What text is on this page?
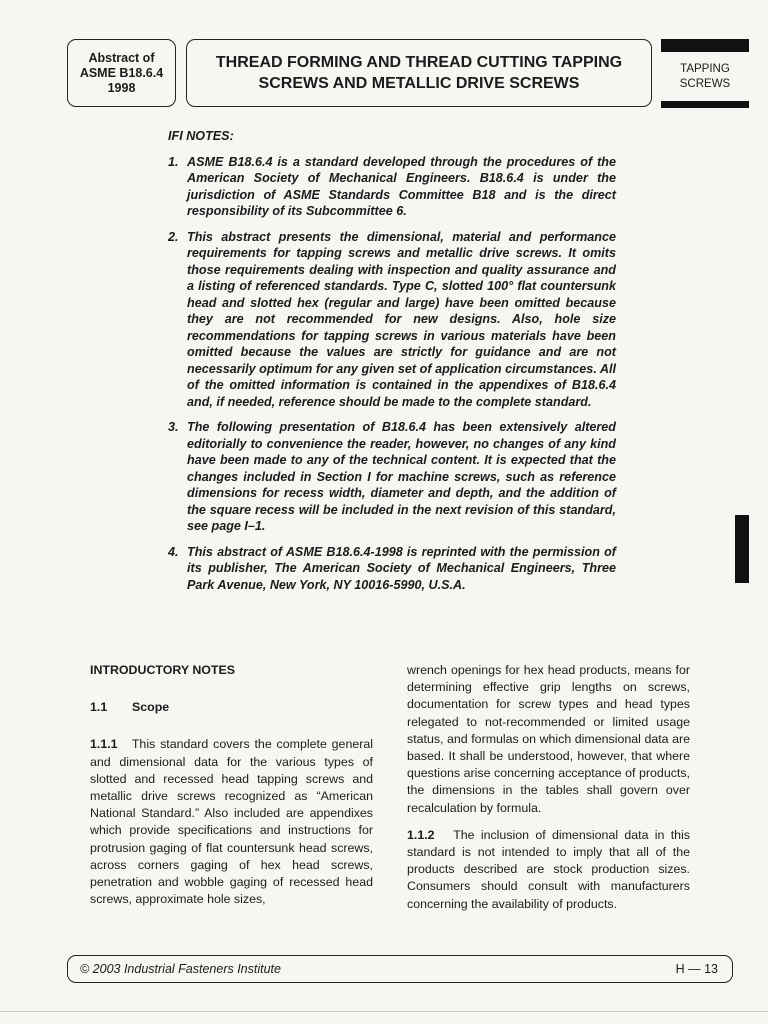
Abstract of
ASME B18.6.4
1998
THREAD FORMING AND THREAD CUTTING TAPPING
SCREWS AND METALLIC DRIVE SCREWS
TAPPING
SCREWS
IFI NOTES:
1. ASME B18.6.4 is a standard developed through the procedures of the American Society of Mechanical Engineers. B18.6.4 is under the jurisdiction of ASME Standards Committee B18 and is the direct responsibility of its Subcommittee 6.
2. This abstract presents the dimensional, material and performance requirements for tapping screws and metallic drive screws. It omits those requirements dealing with inspection and quality assurance and a listing of referenced standards. Type C, slotted 100° flat countersunk head and slotted hex (regular and large) have been omitted because they are not recommended for new designs. Also, hole size recommendations for tapping screws in various materials have been omitted because the values are strictly for guidance and are not necessarily optimum for any given set of application circumstances. All of the omitted information is contained in the appendixes of B18.6.4 and, if needed, reference should be made to the complete standard.
3. The following presentation of B18.6.4 has been extensively altered editorially to convenience the reader, however, no changes of any kind have been made to any of the technical content. It is expected that the changes included in Section I for machine screws, such as reference dimensions for recess width, diameter and depth, and the addition of the square recess will be included in the next revision of this standard, see page I–1.
4. This abstract of ASME B18.6.4-1998 is reprinted with the permission of its publisher, The American Society of Mechanical Engineers, Three Park Avenue, New York, NY 10016-5990, U.S.A.
INTRODUCTORY NOTES
1.1	Scope

1.1.1 This standard covers the complete general and dimensional data for the various types of slotted and recessed head tapping screws and metallic drive screws recognized as “American National Standard.” Also included are appendixes which provide specifications and instructions for protrusion gaging of flat countersunk head screws, across corners gaging of hex head screws, penetration and wobble gaging of recessed head screws, approximate hole sizes,

wrench openings for hex head products, means for determining effective grip lengths on screws, documentation for screw types and head types relegated to not-recommended or limited usage status, and formulas on which dimensional data are based. It shall be understood, however, that where questions arise concerning acceptance of products, the dimensions in the tables shall govern over recalculation by formula.

1.1.2 The inclusion of dimensional data in this standard is not intended to imply that all of the products described are stock production sizes. Consumers should consult with manufacturers concerning the availability of products.

© 2003 Industrial Fasteners Institute	H — 13
